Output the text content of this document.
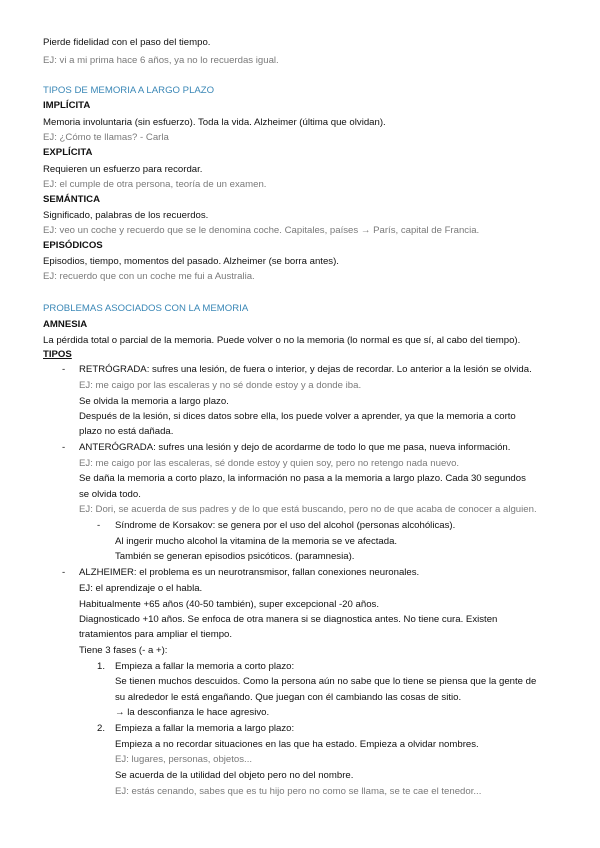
Pierde fidelidad con el paso del tiempo.
EJ: vi a mi prima hace 6 años, ya no lo recuerdas igual.
TIPOS DE MEMORIA A LARGO PLAZO
IMPLÍCITA
Memoria involuntaria (sin esfuerzo). Toda la vida. Alzheimer (última que olvidan).
EJ: ¿Cómo te llamas? - Carla
EXPLÍCITA
Requieren un esfuerzo para recordar.
EJ: el cumple de otra persona, teoría de un examen.
SEMÁNTICA
Significado, palabras de los recuerdos.
EJ: veo un coche y recuerdo que se le denomina coche. Capitales, países → París, capital de Francia.
EPISÓDICOS
Episodios, tiempo, momentos del pasado. Alzheimer (se borra antes).
EJ: recuerdo que con un coche me fui a Australia.
PROBLEMAS ASOCIADOS CON LA MEMORIA
AMNESIA
La pérdida total o parcial de la memoria. Puede volver o no la memoria (lo normal es que sí, al cabo del tiempo).
TIPOS
- RETRÓGRADA: sufres una lesión, de fuera o interior, y dejas de recordar. Lo anterior a la lesión se olvida.
EJ: me caigo por las escaleras y no sé donde estoy y a donde iba.
Se olvida la memoria a largo plazo.
Después de la lesión, si dices datos sobre ella, los puede volver a aprender, ya que la memoria a corto
plazo no está dañada.
- ANTERÓGRADA: sufres una lesión y dejo de acordarme de todo lo que me pasa, nueva información.
EJ: me caigo por las escaleras, sé donde estoy y quien soy, pero no retengo nada nuevo.
Se daña la memoria a corto plazo, la información no pasa a la memoria a largo plazo. Cada 30 segundos
se olvida todo.
EJ: Dori, se acuerda de sus padres y de lo que está buscando, pero no de que acaba de conocer a alguien.
- Síndrome de Korsakov: se genera por el uso del alcohol (personas alcohólicas).
Al ingerir mucho alcohol la vitamina de la memoria se ve afectada.
También se generan episodios psicóticos. (paramnesia).
- ALZHEIMER: el problema es un neurotransmisor, fallan conexiones neuronales.
EJ: el aprendizaje o el habla.
Habitualmente +65 años (40-50 también), super excepcional -20 años.
Diagnosticado +10 años. Se enfoca de otra manera si se diagnostica antes. No tiene cura. Existen
tratamientos para ampliar el tiempo.
Tiene 3 fases (- a +):
1. Empieza a fallar la memoria a corto plazo:
Se tienen muchos descuidos. Como la persona aún no sabe que lo tiene se piensa que la gente de
su alrededor le está engañando. Que juegan con él cambiando las cosas de sitio.
→ la desconfianza le hace agresivo.
2. Empieza a fallar la memoria a largo plazo:
Empieza a no recordar situaciones en las que ha estado. Empieza a olvidar nombres.
EJ: lugares, personas, objetos...
Se acuerda de la utilidad del objeto pero no del nombre.
EJ: estás cenando, sabes que es tu hijo pero no como se llama, se te cae el tenedor...
